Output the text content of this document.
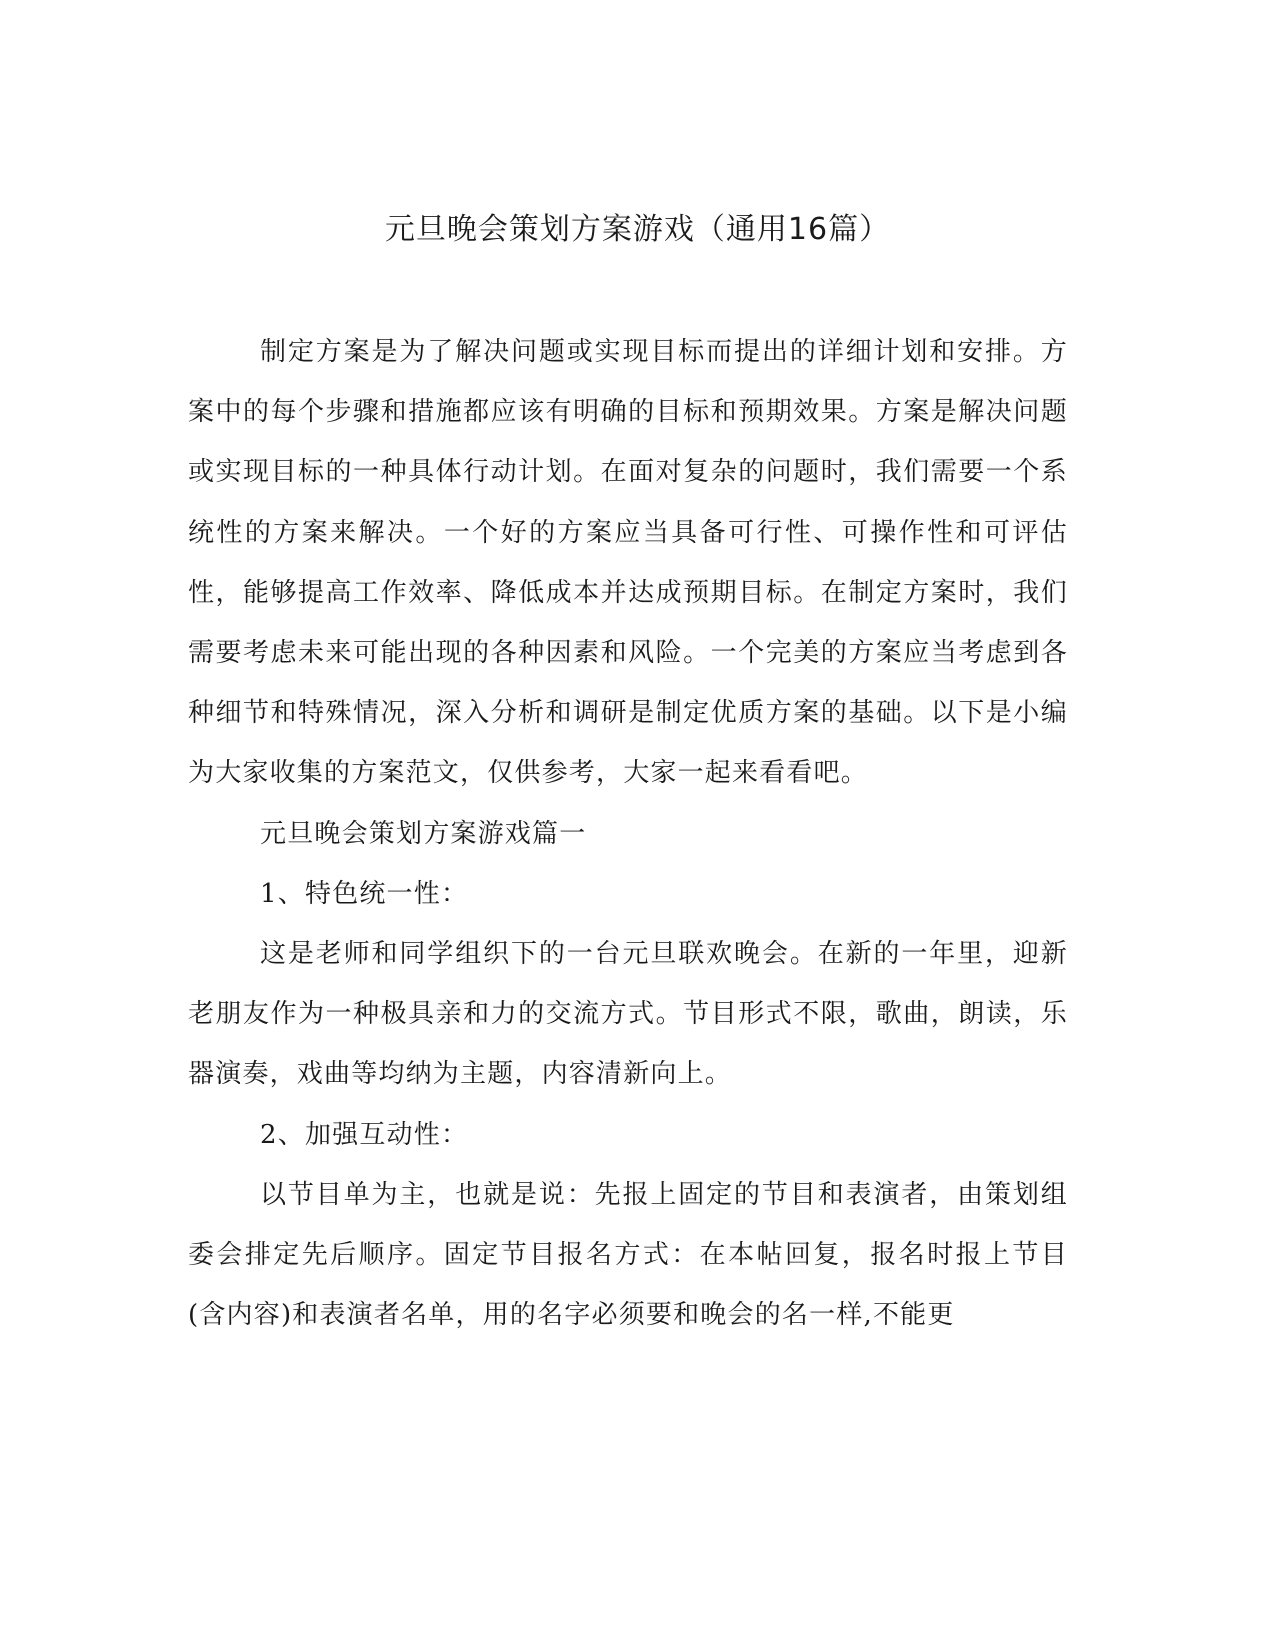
元旦晚会策划方案游戏（通用16篇）

制定方案是为了解决问题或实现目标而提出的详细计划和安排。方案中的每个步骤和措施都应该有明确的目标和预期效果。方案是解决问题或实现目标的一种具体行动计划。在面对复杂的问题时，我们需要一个系统性的方案来解决。一个好的方案应当具备可行性、可操作性和可评估性，能够提高工作效率、降低成本并达成预期目标。在制定方案时，我们需要考虑未来可能出现的各种因素和风险。一个完美的方案应当考虑到各种细节和特殊情况，深入分析和调研是制定优质方案的基础。以下是小编为大家收集的方案范文，仅供参考，大家一起来看看吧。

元旦晚会策划方案游戏篇一

1、特色统一性：

这是老师和同学组织下的一台元旦联欢晚会。在新的一年里，迎新老朋友作为一种极具亲和力的交流方式。节目形式不限，歌曲，朗读，乐器演奏，戏曲等均纳为主题，内容清新向上。

2、加强互动性：

以节目单为主，也就是说：先报上固定的节目和表演者，由策划组委会排定先后顺序。固定节目报名方式：在本帖回复，报名时报上节目(含内容)和表演者名单，用的名字必须要和晚会的名一样,不能更
